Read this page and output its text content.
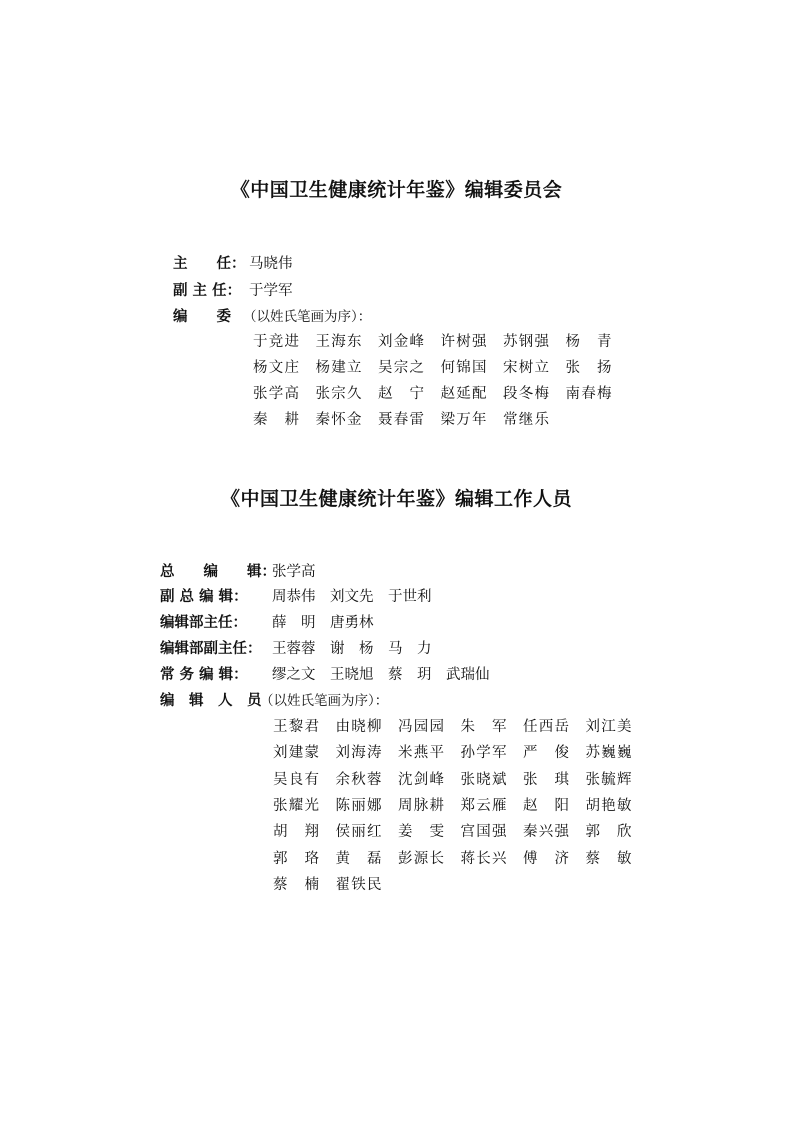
《中国卫生健康统计年鉴》编辑委员会
主　　任： 马晓伟
副 主 任： 于学军
编　　委 （以姓氏笔画为序）：
于竞进 王海东 刘金峰 许树强 苏钢强 杨　青
杨文庄 杨建立 吴宗之 何锦国 宋树立 张　扬
张学高 张宗久 赵　宁 赵延配 段冬梅 南春梅
秦　耕 秦怀金 聂春雷 梁万年 常继乐
《中国卫生健康统计年鉴》编辑工作人员
总　　编　　辑：
张学高
副 总 编 辑： 周恭伟　刘文先　于世利
编辑部主任： 薛　明　唐勇林
编辑部副主任： 王蓉蓉　谢　杨　马　力
常 务 编 辑： 缪之文　王晓旭　蔡　玥　武瑞仙
编　辑　人　员
（以姓氏笔画为序）：
王黎君 由晓柳 冯园园 朱　军 任西岳 刘江美
刘建蒙 刘海涛 米燕平 孙学军 严　俊 苏巍巍
吴良有 余秋蓉 沈剑峰 张晓斌 张　琪 张毓辉
张耀光 陈丽娜 周脉耕 郑云雁 赵　阳 胡艳敏
胡　翔 侯丽红 姜　雯 宫国强 秦兴强 郭　欣
郭　珞 黄　磊 彭源长 蒋长兴 傅　济 蔡　敏
蔡　楠 翟铁民
